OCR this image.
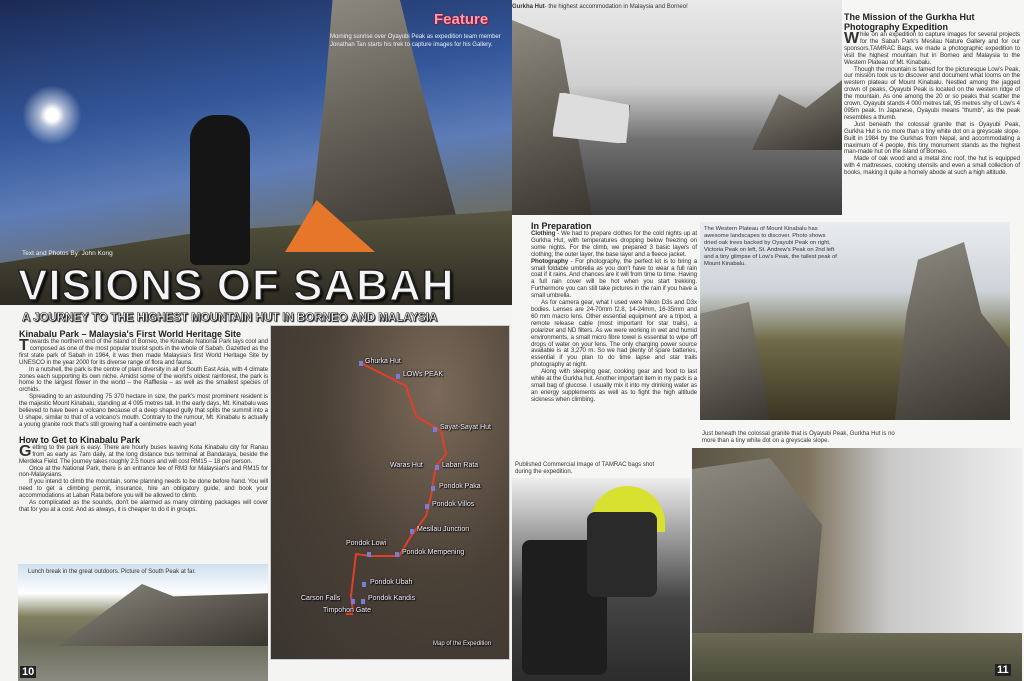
Feature
Morning sunrise over Oyayubi Peak as expedition team member Jonathan Tan starts his trek to capture images for his Gallery.
Text and Photos By: John Kong
VISIONS OF SABAH
A JOURNEY TO THE HIGHEST MOUNTAIN HUT IN BORNEO AND MALAYSIA
Kinabalu Park – Malaysia's First World Heritage Site

Towards the northern end of the Island of Borneo, the Kinabalu National Park lays cool and composed as one of the most popular tourist spots in the whole of Sabah. Gazetted as the first state park of Sabah in 1964, it was then made Malaysia's first World Heritage Site by UNESCO in the year 2000 for its diverse range of flora and fauna.

In a nutshell, the park is the centre of plant diversity in all of South East Asia, with 4 climate zones each supporting its own niche. Amidst some of the world's oldest rainforest, the park is home to the largest flower in the world – the Rafflesia – as well as the smallest species of orchids.

Spreading to an astounding 75 370 hectare in size, the park's most prominent resident is the majestic Mount Kinabalu, standing at 4 095 metres tall. In the early days, Mt. Kinabalu was believed to have been a volcano because of a deep shaped gully that splits the summit into a U shape, similar to that of a volcano's mouth. Contrary to the rumour, Mt. Kinabalu is actually a young granite rock that's still growing half a centimetre each year!

How to Get to Kinabalu Park

Getting to the park is easy. There are hourly buses leaving Kota Kinabalu city for Ranau from as early as 7am daily, at the long distance bus terminal at Bandaraya, beside the Merdeka Field. The journey takes roughly 2.5 hours and will cost RM15 – 18 per person.

Once at the National Park, there is an entrance fee of RM3 for Malaysian's and RM15 for non-Malaysians.

If you intend to climb the mountain, some planning needs to be done before hand. You will need to get a climbing permit, insurance, hire an obligatory guide, and book your accommodations at Laban Rata before you will be allowed to climb.

As complicated as the sounds, don't be alarmed as many climbing packages will cover that for you at a cost. And as always, it is cheaper to do it in groups.

Ghurka Hut
LOWs PEAK
Sayat-Sayat Hut
Waras Hut	Laban Rata
Pondok Paka
Pondok Villos
Mesilau Junction
Pondok Lowi
Pondok Mempening
Pondok Ubah
Carson Falls	Pondok Kandis
Timpohon Gate
Map of the Expedition
Lunch break in the great outdoors. Picture of South Peak at far.
10
Gurkha Hut- the highest accommodation in Malaysia and Borneo!
The Mission of the Gurkha Hut Photography Expedition

While on an expedition to capture images for several projects for the Sabah Park's Mesilau Nature Gallery and for our sponsors,TAMRAC Bags, we made a photographic expedition to visit the highest mountain hut in Borneo and Malaysia to the Western Plateau of Mt. Kinabalu.

Though the mountain is famed for the picturesque Low's Peak, our mission took us to discover and document what looms on the western plateau of Mount Kinabalu. Nestled among the jagged crown of peaks, Oyayubi Peak is located on the western ridge of the mountain. As one among the 20 or so peaks that scatter the crown, Oyayubi stands 4 000 metres tall, 95 metres shy of Low's 4 095m peak. In Japanese, Oyayubi means "thumb", as the peak resembles a thumb.

Just beneath the colossal granite that is Oyayubi Peak, Gurkha Hut is no more than a tiny white dot on a greyscale slope. Built in 1984 by the Gurkhas from Nepal, and accommodating a maximum of 4 people, this tiny monument stands as the highest man-made hut on the island of Borneo.

Made of oak wood and a metal zinc roof, the hut is equipped with 4 mattresses, cooking utensils and even a small collection of books, making it quite a homely abode at such a high altitude.

In Preparation

Clothing - We had to prepare clothes for the cold nights up at Gurkha Hut, with temperatures dropping below freezing on some nights. For the climb, we prepared 3 basic layers of clothing; the outer layer, the base layer and a fleece jacket.

Photography - For photography, the perfect kit is to bring a small foldable umbrella as you don't have to wear a full rain coat if it rains. And chances are it will from time to time. Having a full rain cover will be hot when you start trekking. Furthermore you can still take pictures in the rain if you have a small umbrella.

As for camera gear, what I used were Nikon D3s and D3x bodies. Lenses are 24-70mm f2.8, 14-24mm, 16-35mm and 60 mm macro lens. Other essential equipment are a tripod, a remote release cable (most important for star trails), a polarizer and ND filters. As we were working in wet and humid environments, a small micro fibre towel is essential to wipe off drops of water on your lens. The only charging power source available is at 3,270 m. So we had plenty of spare batteries, essential if you plan to do time lapse and star trails photography at night.

Along with sleeping gear, cooking gear and food to last while at the Gurkha hut. Another important item in my pack is a small bag of glucose. I usually mix it into my drinking water as an energy supplements as well as to fight the high altitude sickness when climbing.

The Western Plateau of Mount Kinabalu has awesome landscapes to discover. Photo shows dried oak trees backed by Oyayubi Peak on right, Victoria Peak on left, St. Andrew's Peak on 2nd left and a tiny glimpse of Low's Peak, the tallest peak of Mount Kinabalu.
Published Commercial Image of TAMRAC bags shot during the expedition.
Just beneath the colossal granite that is Oyayubi Peak, Gurkha Hut is no more than a tiny white dot on a greyscale slope.
11
